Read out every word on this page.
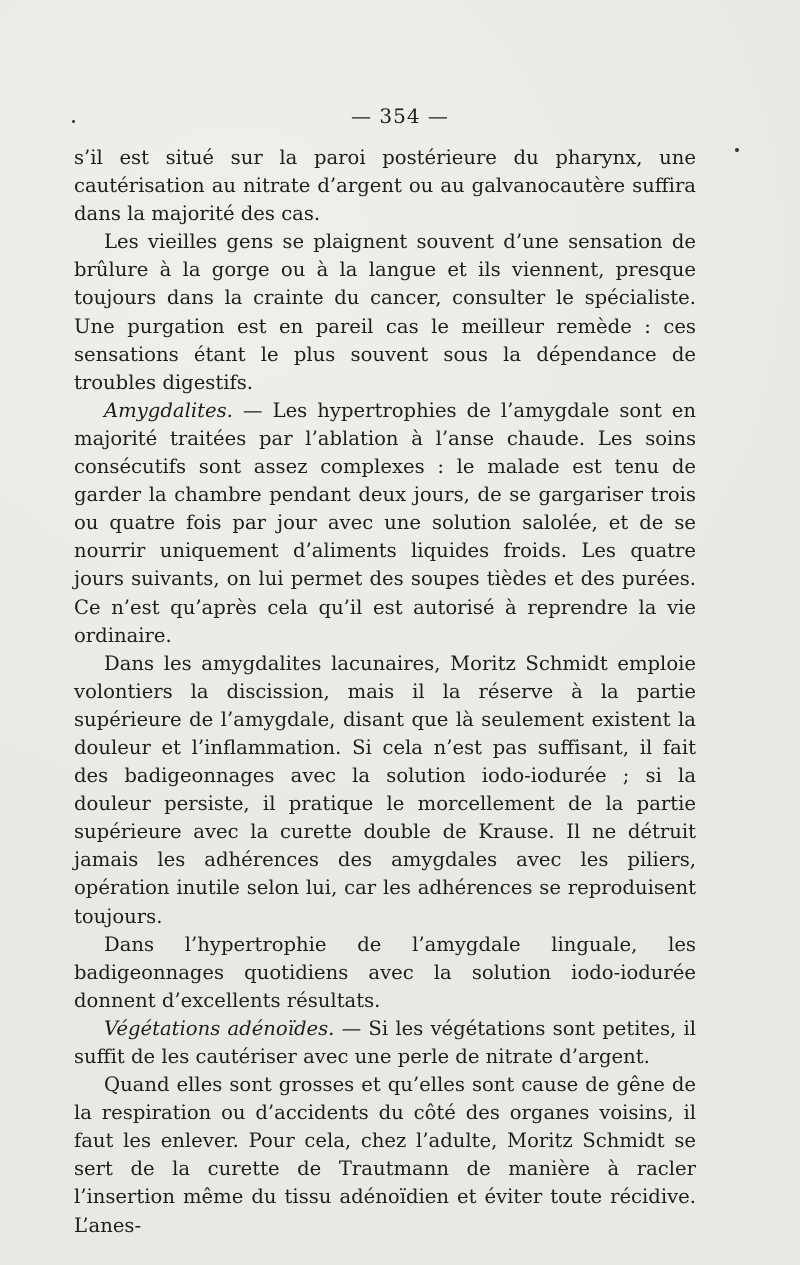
— 354 —

s’il est situé sur la paroi postérieure du pharynx, une cautérisation au nitrate d’argent ou au galvanocautère suffira dans la majorité des cas.

Les vieilles gens se plaignent souvent d’une sensation de brûlure à la gorge ou à la langue et ils viennent, presque toujours dans la crainte du cancer, consulter le spécialiste. Une purgation est en pareil cas le meilleur remède : ces sensations étant le plus souvent sous la dépendance de troubles digestifs.

Amygdalites. — Les hypertrophies de l’amygdale sont en majorité traitées par l’ablation à l’anse chaude. Les soins consécutifs sont assez complexes : le malade est tenu de garder la chambre pendant deux jours, de se gargariser trois ou quatre fois par jour avec une solution salolée, et de se nourrir uniquement d’aliments liquides froids. Les quatre jours suivants, on lui permet des soupes tièdes et des purées. Ce n’est qu’après cela qu’il est autorisé à reprendre la vie ordinaire.

Dans les amygdalites lacunaires, Moritz Schmidt emploie volontiers la discission, mais il la réserve à la partie supérieure de l’amygdale, disant que là seulement existent la douleur et l’inflammation. Si cela n’est pas suffisant, il fait des badigeonnages avec la solution iodo-iodurée ; si la douleur persiste, il pratique le morcellement de la partie supérieure avec la curette double de Krause. Il ne détruit jamais les adhérences des amygdales avec les piliers, opération inutile selon lui, car les adhérences se reproduisent toujours.

Dans l’hypertrophie de l’amygdale linguale, les badigeonnages quotidiens avec la solution iodo-iodurée donnent d’excellents résultats.

Végétations adénoïdes. — Si les végétations sont petites, il suffit de les cautériser avec une perle de nitrate d’argent.

Quand elles sont grosses et qu’elles sont cause de gêne de la respiration ou d’accidents du côté des organes voisins, il faut les enlever. Pour cela, chez l’adulte, Moritz Schmidt se sert de la curette de Trautmann de manière à racler l’insertion même du tissu adénoïdien et éviter toute récidive. L’anes-
